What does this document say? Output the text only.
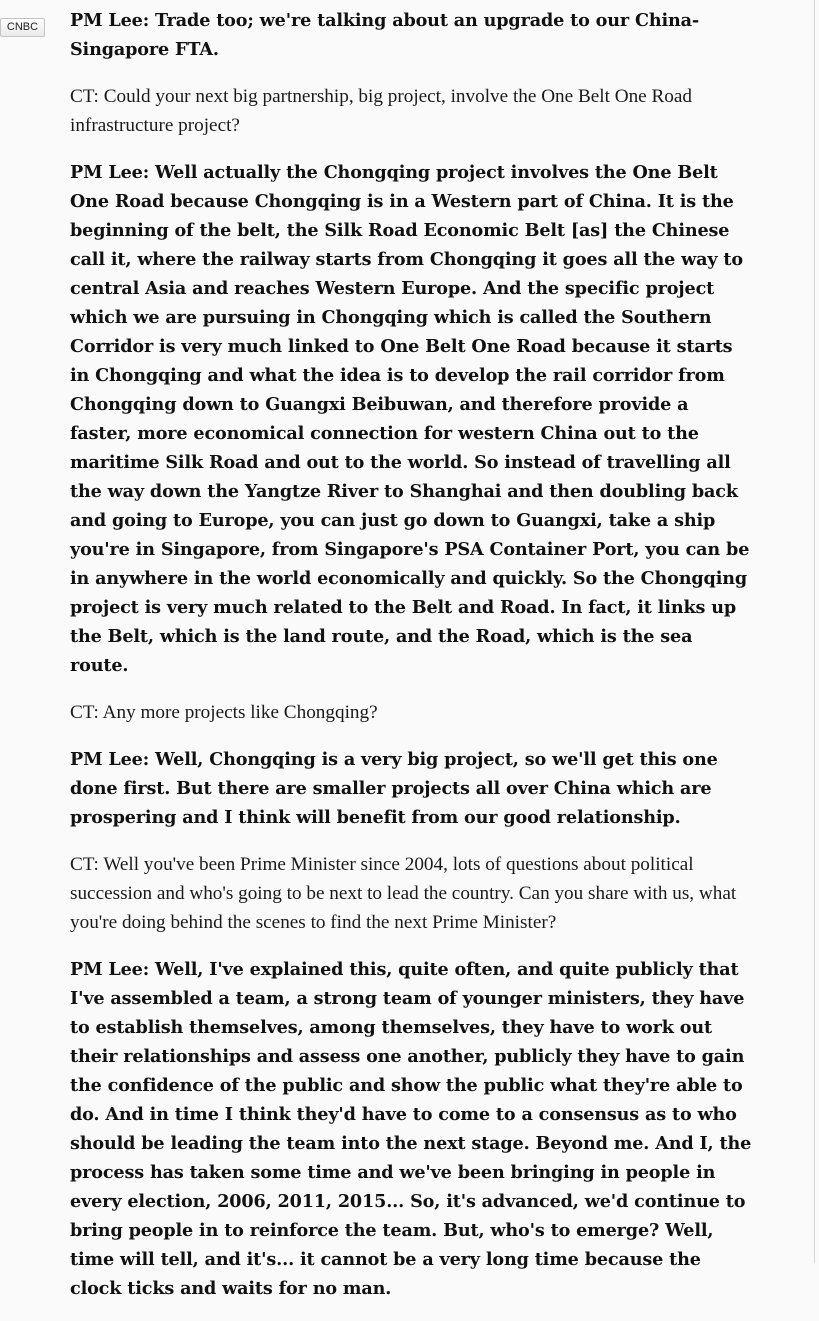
CNBC	PM Lee: Trade too; we're talking about an upgrade to our China-Singapore FTA.

CT: Could your next big partnership, big project, involve the One Belt One Road infrastructure project?

PM Lee: Well actually the Chongqing project involves the One Belt One Road because Chongqing is in a Western part of China. It is the beginning of the belt, the Silk Road Economic Belt [as] the Chinese call it, where the railway starts from Chongqing it goes all the way to central Asia and reaches Western Europe. And the specific project which we are pursuing in Chongqing which is called the Southern Corridor is very much linked to One Belt One Road because it starts in Chongqing and what the idea is to develop the rail corridor from Chongqing down to Guangxi Beibuwan, and therefore provide a faster, more economical connection for western China out to the maritime Silk Road and out to the world. So instead of travelling all the way down the Yangtze River to Shanghai and then doubling back and going to Europe, you can just go down to Guangxi, take a ship you're in Singapore, from Singapore's PSA Container Port, you can be in anywhere in the world economically and quickly. So the Chongqing project is very much related to the Belt and Road. In fact, it links up the Belt, which is the land route, and the Road, which is the sea route.

CT: Any more projects like Chongqing?

PM Lee: Well, Chongqing is a very big project, so we'll get this one done first. But there are smaller projects all over China which are prospering and I think will benefit from our good relationship.

CT: Well you've been Prime Minister since 2004, lots of questions about political succession and who's going to be next to lead the country. Can you share with us, what you're doing behind the scenes to find the next Prime Minister?

PM Lee: Well, I've explained this, quite often, and quite publicly that I've assembled a team, a strong team of younger ministers, they have to establish themselves, among themselves, they have to work out their relationships and assess one another, publicly they have to gain the confidence of the public and show the public what they're able to do. And in time I think they'd have to come to a consensus as to who should be leading the team into the next stage. Beyond me. And I, the process has taken some time and we've been bringing in people in every election, 2006, 2011, 2015... So, it's advanced, we'd continue to bring people in to reinforce the team. But, who's to emerge? Well, time will tell, and it's... it cannot be a very long time because the clock ticks and waits for no man.
